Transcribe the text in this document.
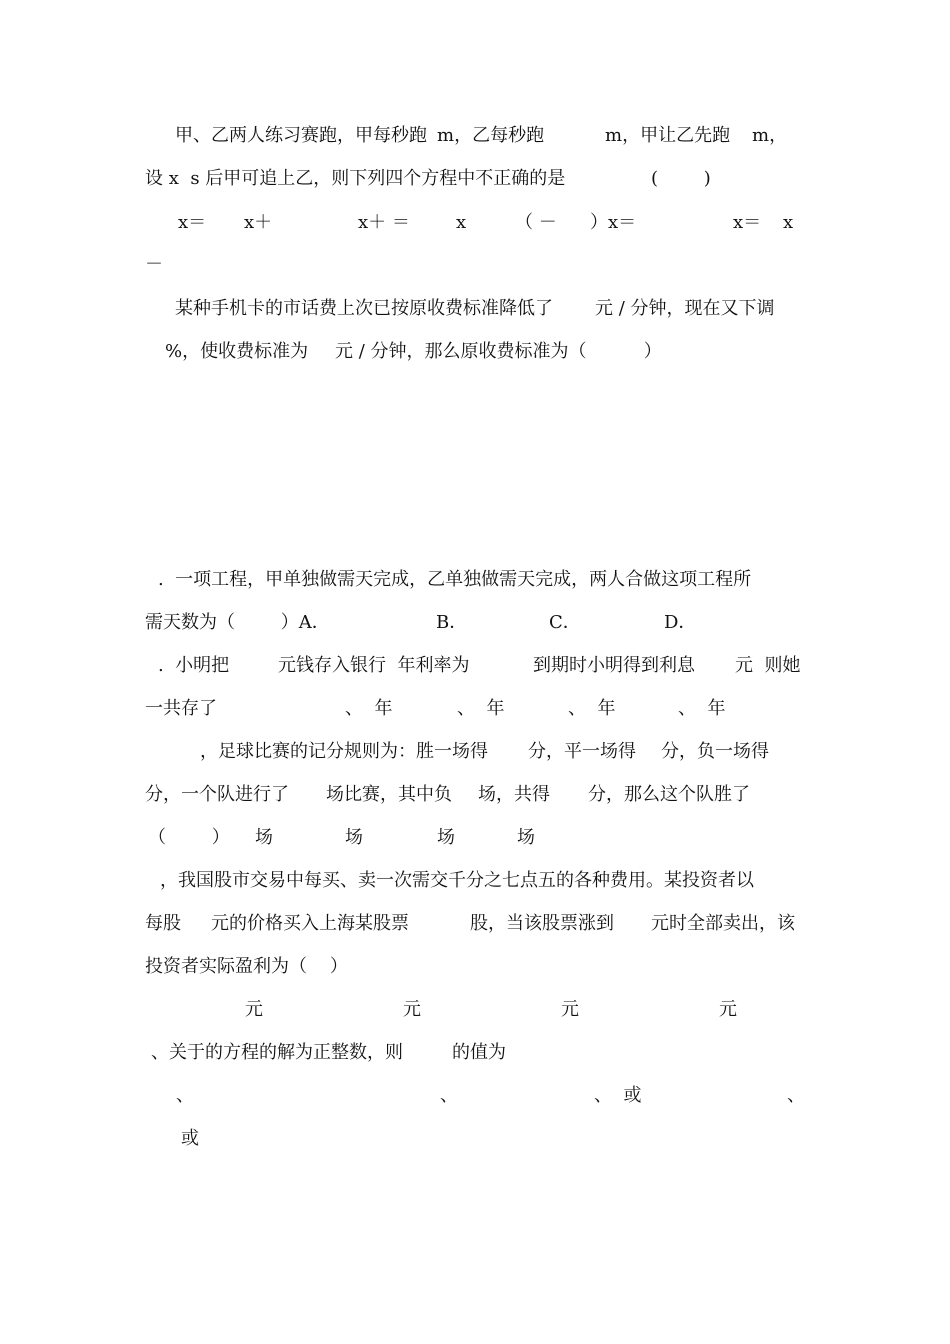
甲、乙两人练习赛跑，甲每秒跑 m，乙每秒跑	m，甲让乙先跑 m，
设 x  s 后甲可追上乙，则下列四个方程中不正确的是	(        )
x＝ x＋	x＋ ＝	x	（ － ）x＝	x＝ x
－
某种手机卡的市话费上次已按原收费标准降低了 元 / 分钟，现在又下调
%，使收费标准为 元 / 分钟，那么原收费标准为（          ）
.  一项工程，甲单独做需天完成，乙单独做需天完成，两人合做这项工程所
需天数为（        ）A．	B．	C．	D．
.  小明把	元钱存入银行  年利率为	到期时小明得到利息 元  则她
一共存了	、  年	、  年	、  年	、  年
，足球比赛的记分规则为：胜一场得 分，平一场得 分，负一场得
分，一个队进行了 场比赛，其中负 场，共得 分，那么这个队胜了
（        ） 场	场	场	场
，我国股市交易中每买、卖一次需交千分之七点五的各种费用。某投资者以
每股 元的价格买入上海某股票	股，当该股票涨到 元时全部卖出，该
投资者实际盈利为（    ）
元	元	元	元
、关于的方程的解为正整数，则	的值为
、	、	、  或	、
或
